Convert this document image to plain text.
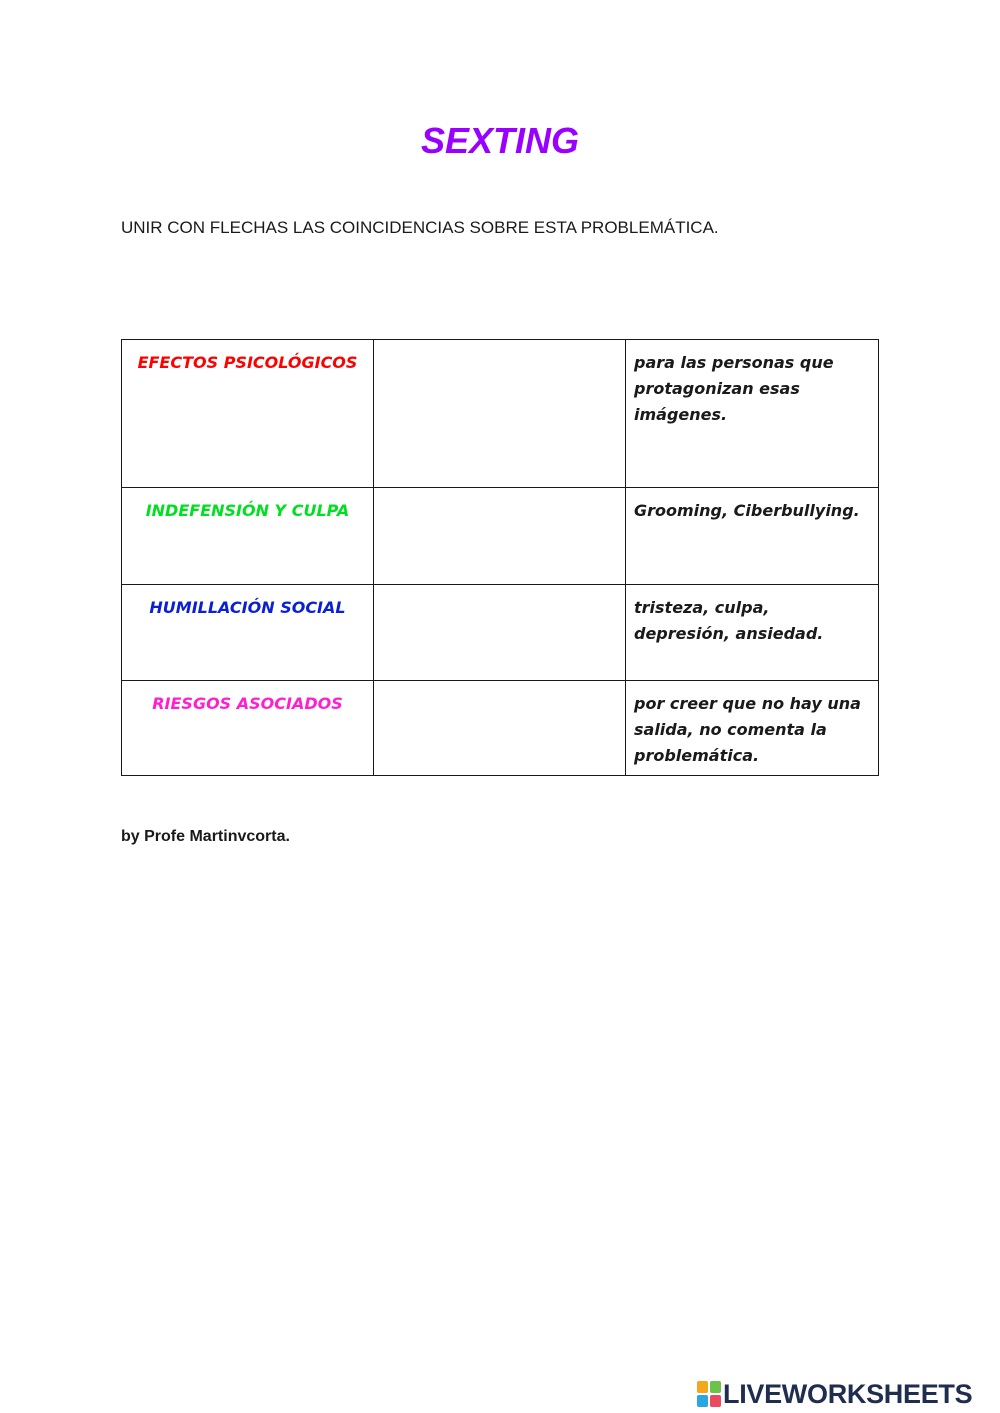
SEXTING

UNIR CON FLECHAS LAS COINCIDENCIAS SOBRE ESTA PROBLEMÁTICA.

EFECTOS PSICOLÓGICOS		para las personas que protagonizan esas imágenes.
INDEFENSIÓN Y CULPA		Grooming, Ciberbullying.
HUMILLACIÓN SOCIAL		tristeza, culpa, depresión, ansiedad.
RIESGOS ASOCIADOS		por creer que no hay una salida, no comenta la problemática.

by Profe Martinvcorta.

LIVEWORKSHEETS
